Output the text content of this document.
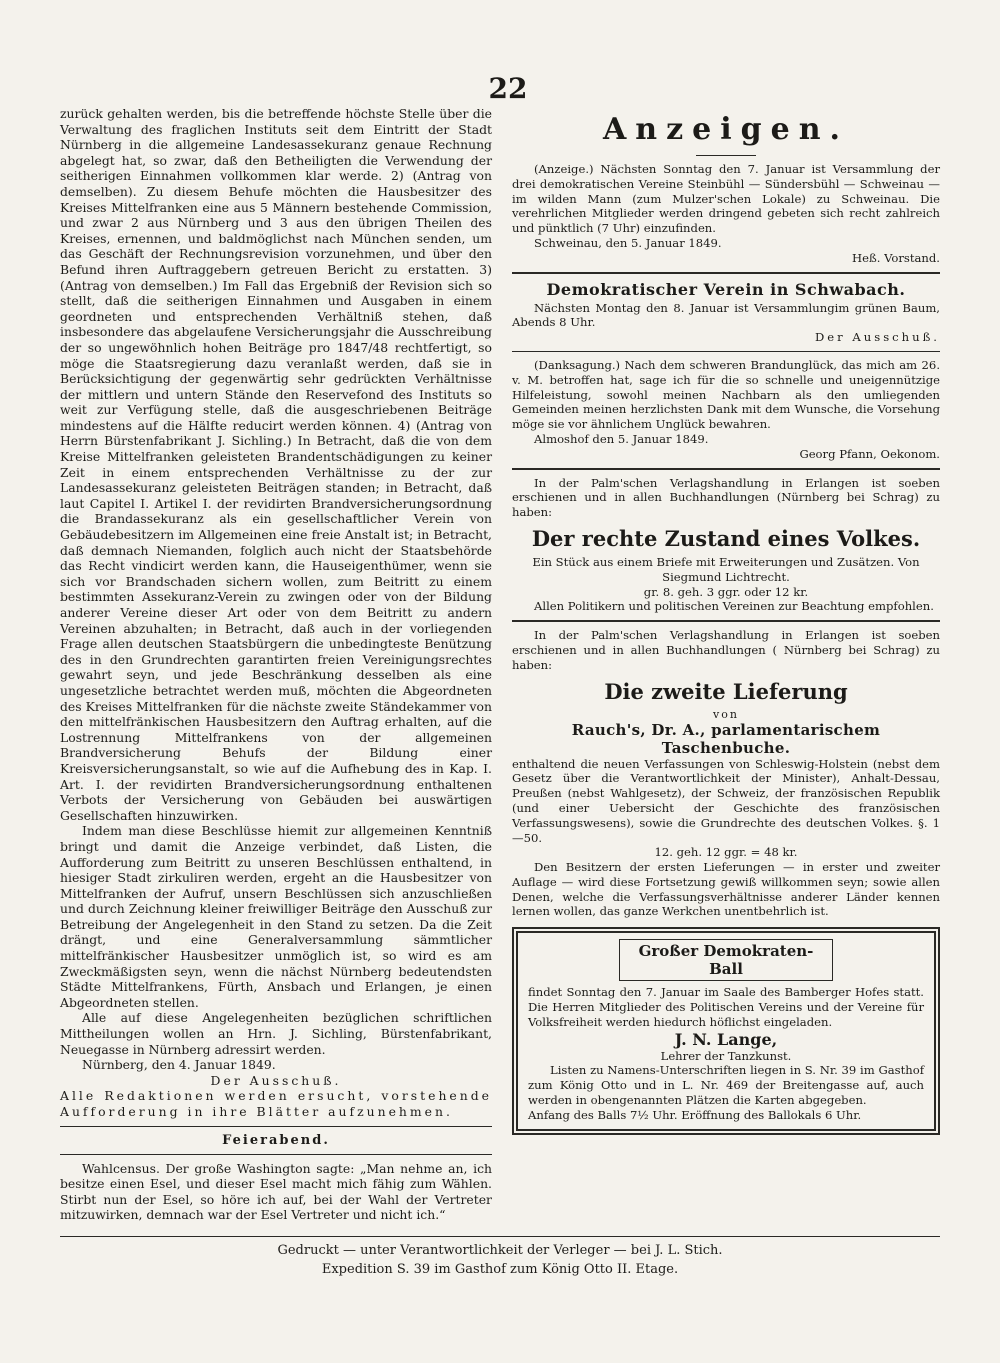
22

zurück gehalten werden, bis die betreffende höchste Stelle über die Verwaltung des fraglichen Instituts seit dem Eintritt der Stadt Nürnberg in die allgemeine Landesassekuranz genaue Rechnung abgelegt hat, so zwar, daß den Betheiligten die Verwendung der seitherigen Einnahmen vollkommen klar werde. 2) (Antrag von demselben). Zu diesem Behufe möchten die Hausbesitzer des Kreises Mittelfranken eine aus 5 Männern bestehende Commission, und zwar 2 aus Nürnberg und 3 aus den übrigen Theilen des Kreises, ernennen, und baldmöglichst nach München senden, um das Geschäft der Rechnungsrevision vorzunehmen, und über den Befund ihren Auftraggebern getreuen Bericht zu erstatten. 3) (Antrag von demselben.) Im Fall das Ergebniß der Revision sich so stellt, daß die seitherigen Einnahmen und Ausgaben in einem geordneten und entsprechenden Verhältniß stehen, daß insbesondere das abgelaufene Versicherungsjahr die Ausschreibung der so ungewöhnlich hohen Beiträge pro 1847/48 rechtfertigt, so möge die Staatsregierung dazu veranlaßt werden, daß sie in Berücksichtigung der gegenwärtig sehr gedrückten Verhältnisse der mittlern und untern Stände den Reservefond des Instituts so weit zur Verfügung stelle, daß die ausgeschriebenen Beiträge mindestens auf die Hälfte reducirt werden können. 4) (Antrag von Herrn Bürstenfabrikant J. Sichling.) In Betracht, daß die von dem Kreise Mittelfranken geleisteten Brandentschädigungen zu keiner Zeit in einem entsprechenden Verhältnisse zu der zur Landesassekuranz geleisteten Beiträgen standen; in Betracht, daß laut Capitel I. Artikel I. der revidirten Brandversicherungsordnung die Brandassekuranz als ein gesellschaftlicher Verein von Gebäudebesitzern im Allgemeinen eine freie Anstalt ist; in Betracht, daß demnach Niemanden, folglich auch nicht der Staatsbehörde das Recht vindicirt werden kann, die Hauseigenthümer, wenn sie sich vor Brandschaden sichern wollen, zum Beitritt zu einem bestimmten Assekuranz-Verein zu zwingen oder von der Bildung anderer Vereine dieser Art oder von dem Beitritt zu andern Vereinen abzuhalten; in Betracht, daß auch in der vorliegenden Frage allen deutschen Staatsbürgern die unbedingteste Benützung des in den Grundrechten garantirten freien Vereinigungsrechtes gewahrt seyn, und jede Beschränkung desselben als eine ungesetzliche betrachtet werden muß, möchten die Abgeordneten des Kreises Mittelfranken für die nächste zweite Ständekammer von den mittelfränkischen Hausbesitzern den Auftrag erhalten, auf die Lostrennung Mittelfrankens von der allgemeinen Brandversicherung Behufs der Bildung einer Kreisversicherungsanstalt, so wie auf die Aufhebung des in Kap. I. Art. I. der revidirten Brandversicherungsordnung enthaltenen Verbots der Versicherung von Gebäuden bei auswärtigen Gesellschaften hinzuwirken.

Indem man diese Beschlüsse hiemit zur allgemeinen Kenntniß bringt und damit die Anzeige verbindet, daß Listen, die Aufforderung zum Beitritt zu unseren Beschlüssen enthaltend, in hiesiger Stadt zirkuliren werden, ergeht an die Hausbesitzer von Mittelfranken der Aufruf, unsern Beschlüssen sich anzuschließen und durch Zeichnung kleiner freiwilliger Beiträge den Ausschuß zur Betreibung der Angelegenheit in den Stand zu setzen. Da die Zeit drängt, und eine Generalversammlung sämmtlicher mittelfränkischer Hausbesitzer unmöglich ist, so wird es am Zweckmäßigsten seyn, wenn die nächst Nürnberg bedeutendsten Städte Mittelfrankens, Fürth, Ansbach und Erlangen, je einen Abgeordneten stellen.

Alle auf diese Angelegenheiten bezüglichen schriftlichen Mittheilungen wollen an Hrn. J. Sichling, Bürstenfabrikant, Neuegasse in Nürnberg adressirt werden.

Nürnberg, den 4. Januar 1849.

Der Ausschuß.

Alle Redaktionen werden ersucht, vorstehende Aufforderung in ihre Blätter aufzunehmen.

Feierabend.

Wahlcensus. Der große Washington sagte: „Man nehme an, ich besitze einen Esel, und dieser Esel macht mich fähig zum Wählen. Stirbt nun der Esel, so höre ich auf, bei der Wahl der Vertreter mitzuwirken, demnach war der Esel Vertreter und nicht ich.“

Anzeigen.

(Anzeige.) Nächsten Sonntag den 7. Januar ist Versammlung der drei demokratischen Vereine Steinbühl — Sündersbühl — Schweinau — im wilden Mann (zum Mulzer'schen Lokale) zu Schweinau. Die verehrlichen Mitglieder werden dringend gebeten sich recht zahlreich und pünktlich (7 Uhr) einzufinden.

Schweinau, den 5. Januar 1849.

Heß. Vorstand.

Demokratischer Verein in Schwabach.

Nächsten Montag den 8. Januar ist Versammlungim grünen Baum, Abends 8 Uhr.

Der Ausschuß.

(Danksagung.) Nach dem schweren Brandunglück, das mich am 26. v. M. betroffen hat, sage ich für die so schnelle und uneigennützige Hilfeleistung, sowohl meinen Nachbarn als den umliegenden Gemeinden meinen herzlichsten Dank mit dem Wunsche, die Vorsehung möge sie vor ähnlichem Unglück bewahren.

Almoshof den 5. Januar 1849.

Georg Pfann, Oekonom.

In der Palm'schen Verlagshandlung in Erlangen ist soeben erschienen und in allen Buchhandlungen (Nürnberg bei Schrag) zu haben:

Der rechte Zustand eines Volkes.

Ein Stück aus einem Briefe mit Erweiterungen und Zusätzen. Von Siegmund Lichtrecht.

gr. 8. geh. 3 ggr. oder 12 kr.

Allen Politikern und politischen Vereinen zur Beachtung empfohlen.

In der Palm'schen Verlagshandlung in Erlangen ist soeben erschienen und in allen Buchhandlungen ( Nürnberg bei Schrag) zu haben:

Die zweite Lieferung
von
Rauch's, Dr. A., parlamentarischem Taschenbuche.

enthaltend die neuen Verfassungen von Schleswig-Holstein (nebst dem Gesetz über die Verantwortlichkeit der Minister), Anhalt-Dessau, Preußen (nebst Wahlgesetz), der Schweiz, der französischen Republik (und einer Uebersicht der Geschichte des französischen Verfassungswesens), sowie die Grundrechte des deutschen Volkes. §. 1—50.

12. geh. 12 ggr. = 48 kr.

Den Besitzern der ersten Lieferungen — in erster und zweiter Auflage — wird diese Fortsetzung gewiß willkommen seyn; sowie allen Denen, welche die Verfassungsverhältnisse anderer Länder kennen lernen wollen, das ganze Werkchen unentbehrlich ist.

Großer Demokraten-Ball

findet Sonntag den 7. Januar im Saale des Bamberger Hofes statt. Die Herren Mitglieder des Politischen Vereins und der Vereine für Volksfreiheit werden hiedurch höflichst eingeladen.

J. N. Lange,

Lehrer der Tanzkunst.

Listen zu Namens-Unterschriften liegen in S. Nr. 39 im Gasthof zum König Otto und in L. Nr. 469 der Breitengasse auf, auch werden in obengenannten Plätzen die Karten abgegeben.

Anfang des Balls 7½ Uhr. Eröffnung des Ballokals 6 Uhr.

Gedruckt — unter Verantwortlichkeit der Verleger — bei J. L. Stich.
Expedition S. 39 im Gasthof zum König Otto II. Etage.
